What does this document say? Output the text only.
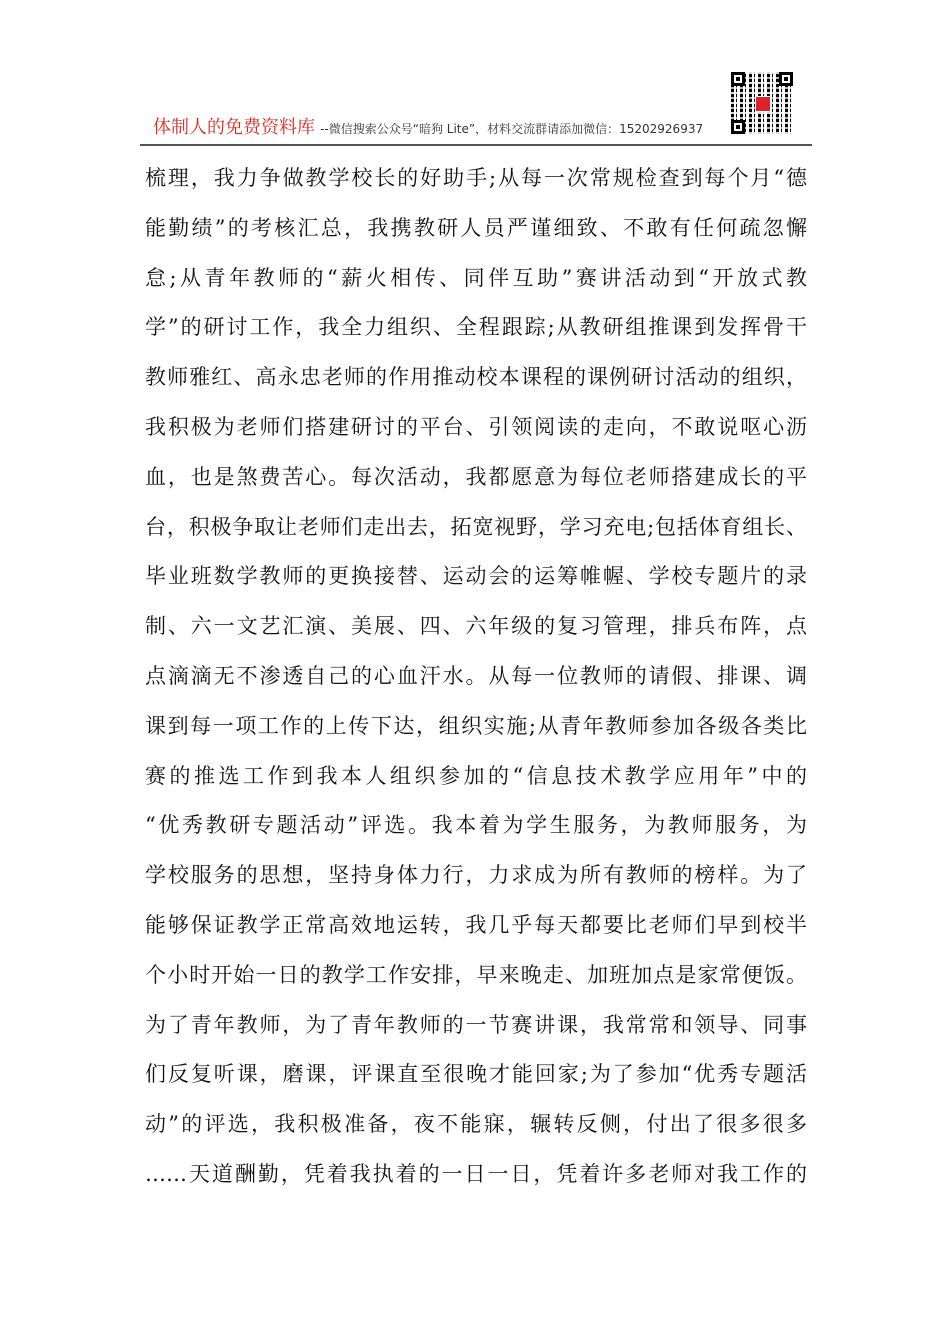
体制人的免费资料库 --微信搜索公众号“暗狗 Lite”，材料交流群请添加微信：15202926937
梳理，我力争做教学校长的好助手;从每一次常规检查到每个月“德
能勤绩”的考核汇总，我携教研人员严谨细致、不敢有任何疏忽懈
怠;从青年教师的“薪火相传、同伴互助”赛讲活动到“开放式教
学”的研讨工作，我全力组织、全程跟踪;从教研组推课到发挥骨干
教师雅红、高永忠老师的作用推动校本课程的课例研讨活动的组织，
我积极为老师们搭建研讨的平台、引领阅读的走向，不敢说呕心沥
血，也是煞费苦心。每次活动，我都愿意为每位老师搭建成长的平
台，积极争取让老师们走出去，拓宽视野，学习充电;包括体育组长、
毕业班数学教师的更换接替、运动会的运筹帷幄、学校专题片的录
制、六一文艺汇演、美展、四、六年级的复习管理，排兵布阵，点
点滴滴无不渗透自己的心血汗水。从每一位教师的请假、排课、调
课到每一项工作的上传下达，组织实施;从青年教师参加各级各类比
赛的推选工作到我本人组织参加的“信息技术教学应用年”中的
“优秀教研专题活动”评选。我本着为学生服务，为教师服务，为
学校服务的思想，坚持身体力行，力求成为所有教师的榜样。为了
能够保证教学正常高效地运转，我几乎每天都要比老师们早到校半
个小时开始一日的教学工作安排，早来晚走、加班加点是家常便饭。
为了青年教师，为了青年教师的一节赛讲课，我常常和领导、同事
们反复听课，磨课，评课直至很晚才能回家;为了参加“优秀专题活
动”的评选，我积极准备，夜不能寐，辗转反侧，付出了很多很多
……天道酬勤，凭着我执着的一日一日，凭着许多老师对我工作的
